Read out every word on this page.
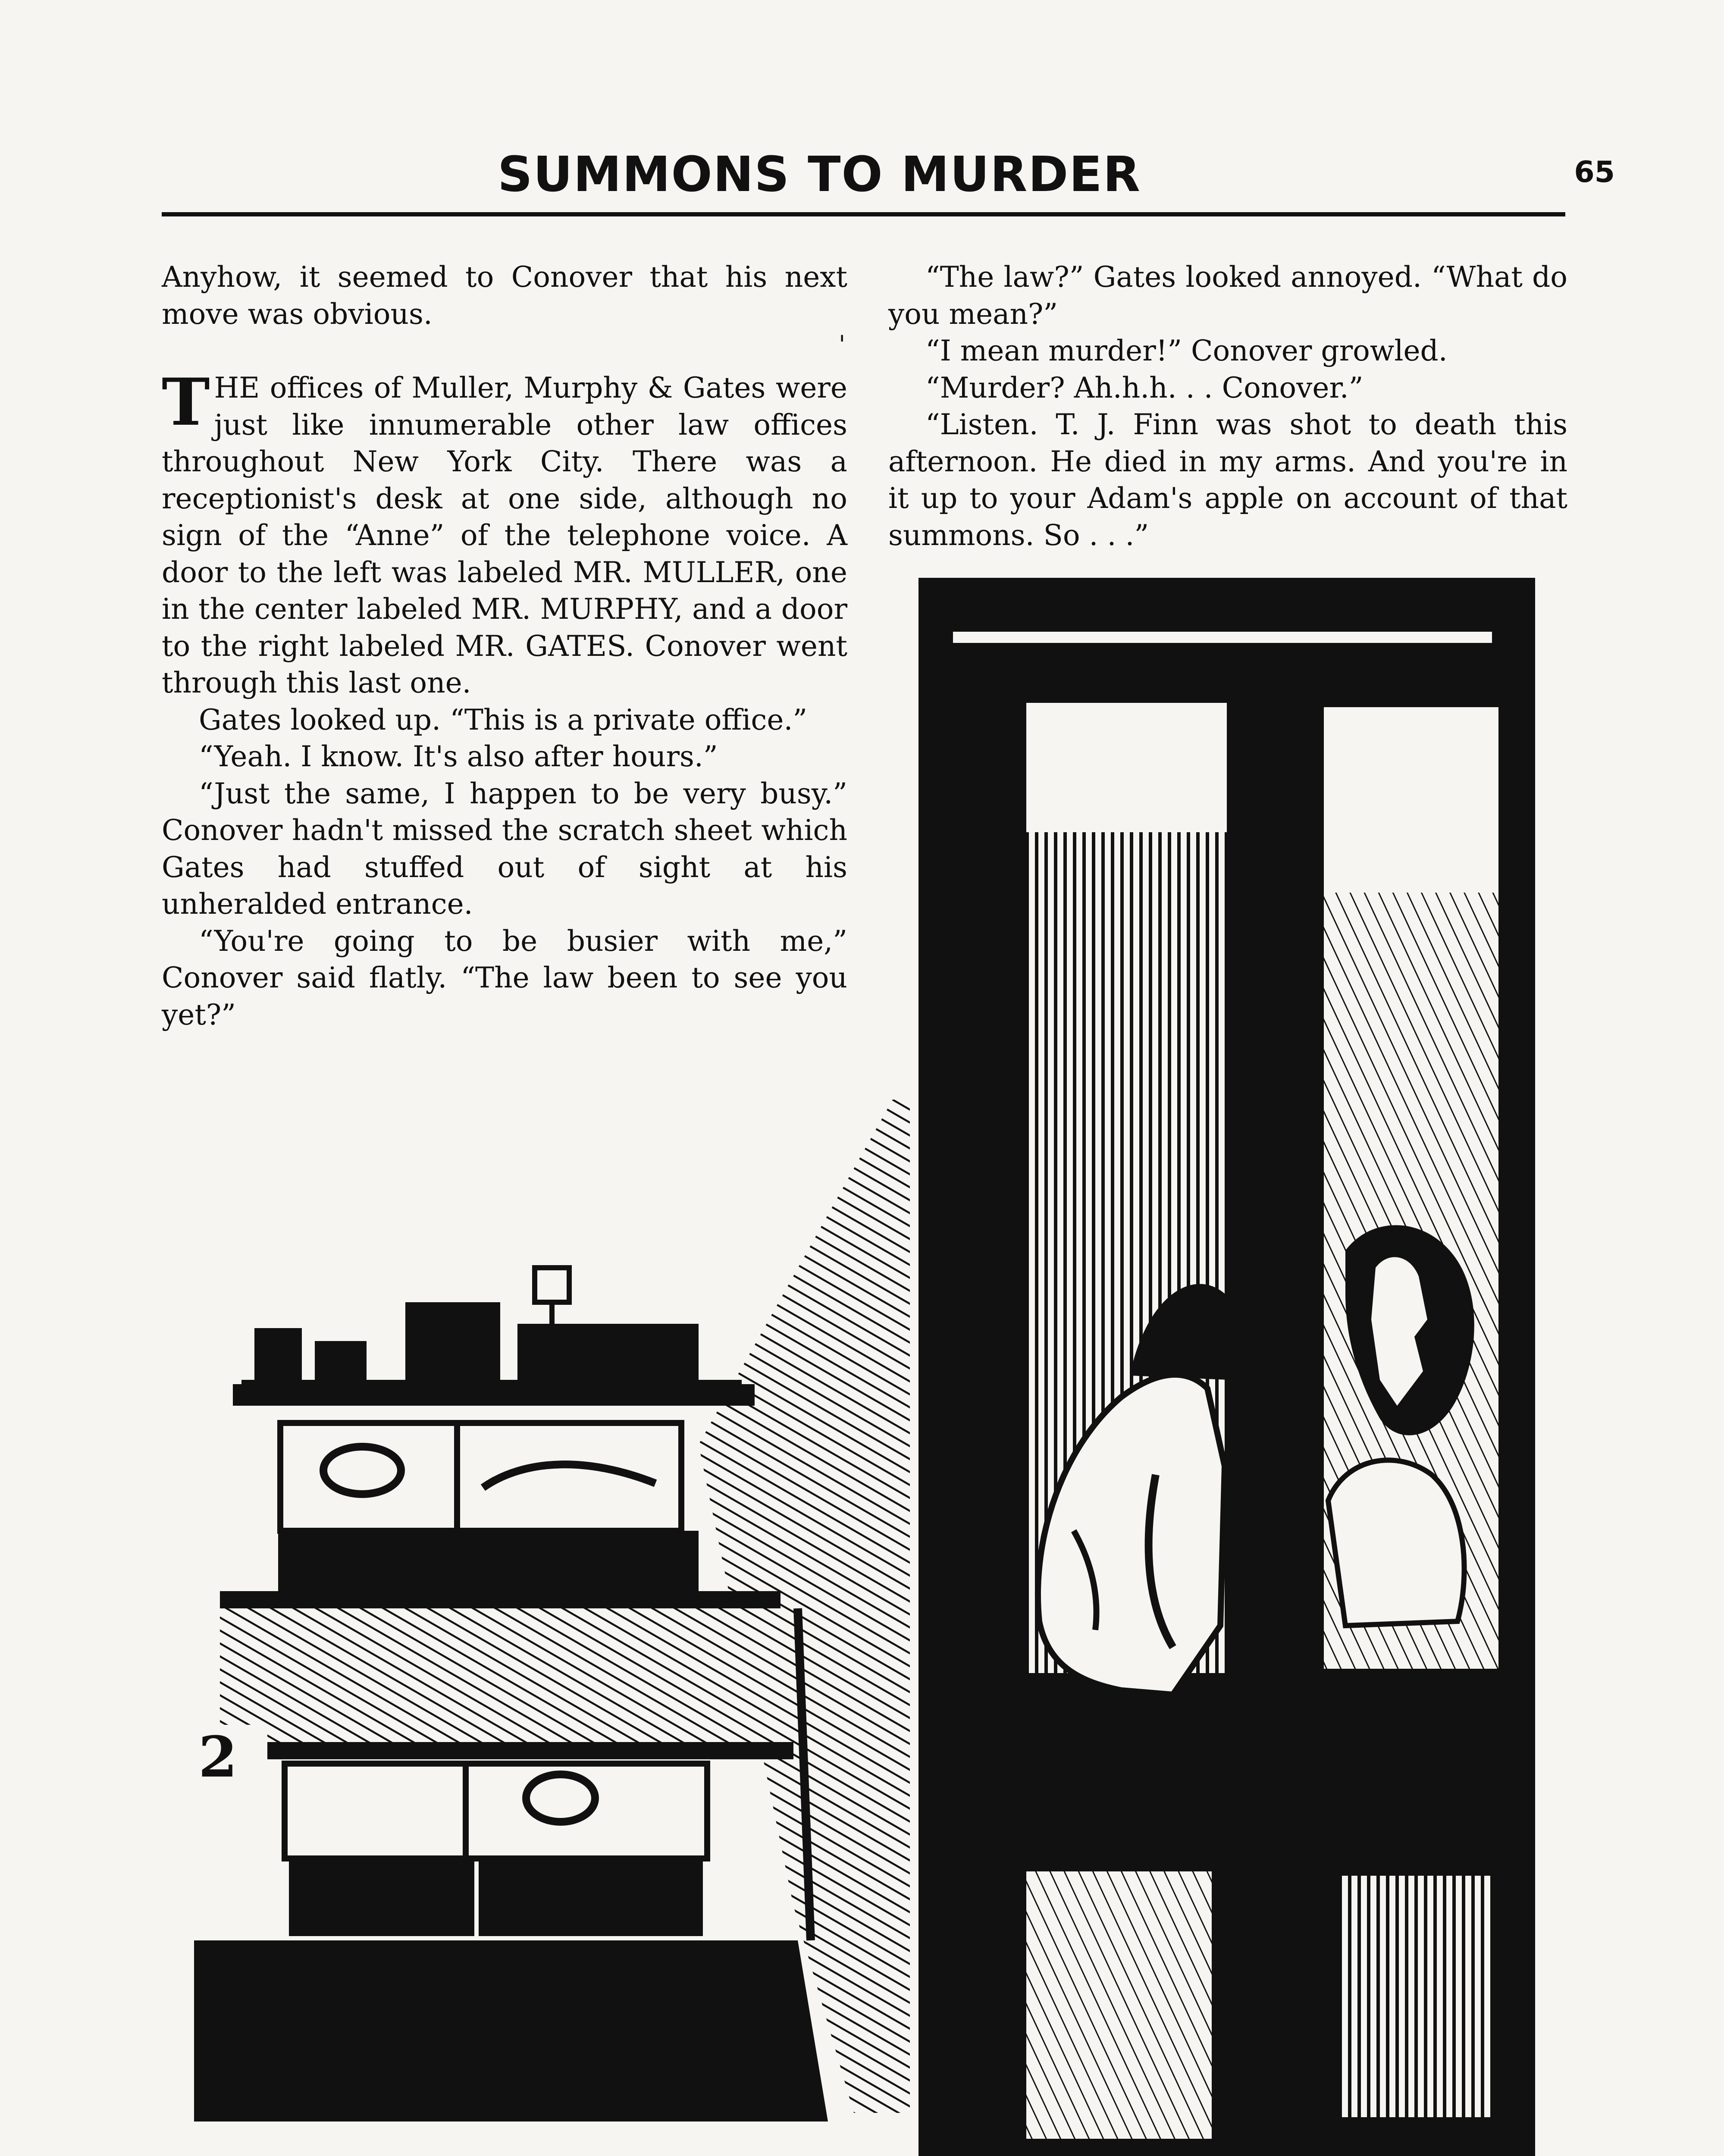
SUMMONS TO MURDER	65

Anyhow, it seemed to Conover that his next move was obvious.

THE offices of Muller, Murphy & Gates were just like innumerable other law offices throughout New York City. There was a receptionist's desk at one side, although no sign of the “Anne” of the telephone voice. A door to the left was labeled MR. MULLER, one in the center labeled MR. MURPHY, and a door to the right labeled MR. GATES. Conover went through this last one.

Gates looked up. “This is a private office.”

“Yeah. I know. It's also after hours.”

“Just the same, I happen to be very busy.” Conover hadn't missed the scratch sheet which Gates had stuffed out of sight at his unheralded entrance.

“You're going to be busier with me,” Conover said flatly. “The law been to see you yet?”

'

“The law?” Gates looked annoyed. “What do you mean?”

“I mean murder!” Conover growled.

“Murder? Ah.h.h. . . Conover.”

“Listen. T. J. Finn was shot to death this afternoon. He died in my arms. And you're in it up to your Adam's apple on account of that summons. So . . .”

2
